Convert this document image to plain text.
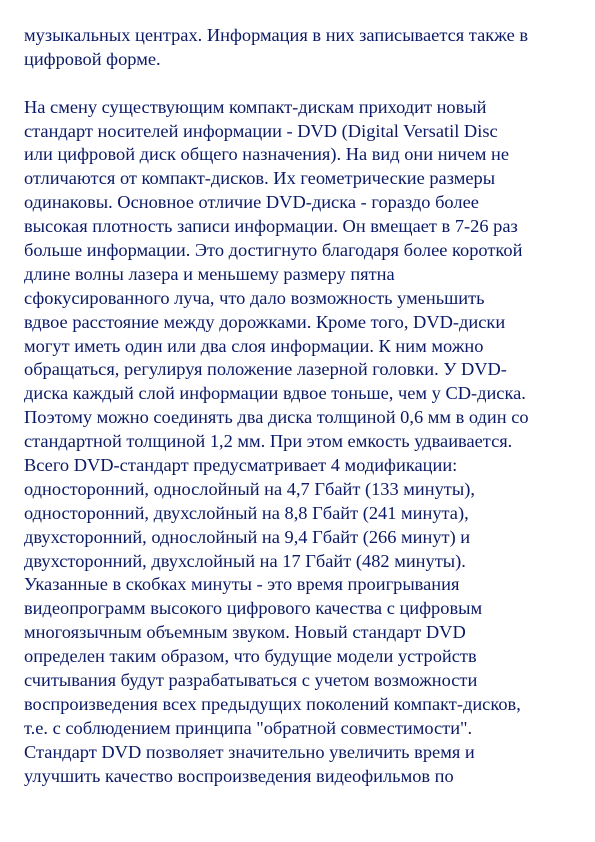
музыкальных центрах. Информация в них записывается также в
цифровой форме.
На смену существующим компакт-дискам приходит новый
стандарт носителей информации - DVD (Digital Versatil Disc
или цифровой диск общего назначения). На вид они ничем не
отличаются от компакт-дисков. Их геометрические размеры
одинаковы. Основное отличие DVD-диска - гораздо более
высокая плотность записи информации. Он вмещает в 7-26 раз
больше информации. Это достигнуто благодаря более короткой
длине волны лазера и меньшему размеру пятна
сфокусированного луча, что дало возможность уменьшить
вдвое расстояние между дорожками. Кроме того, DVD-диски
могут иметь один или два слоя информации. К ним можно
обращаться, регулируя положение лазерной головки. У DVD-
диска каждый слой информации вдвое тоньше, чем у CD-диска.
Поэтому можно соединять два диска толщиной 0,6 мм в один со
стандартной толщиной 1,2 мм. При этом емкость удваивается.
Всего DVD-стандарт предусматривает 4 модификации:
односторонний, однослойный на 4,7 Гбайт (133 минуты),
односторонний, двухслойный на 8,8 Гбайт (241 минута),
двухсторонний, однослойный на 9,4 Гбайт (266 минут) и
двухсторонний, двухслойный на 17 Гбайт (482 минуты).
Указанные в скобках минуты - это время проигрывания
видеопрограмм высокого цифрового качества с цифровым
многоязычным объемным звуком. Новый стандарт DVD
определен таким образом, что будущие модели устройств
считывания будут разрабатываться с учетом возможности
воспроизведения всех предыдущих поколений компакт-дисков,
т.е. с соблюдением принципа "обратной совместимости".
Стандарт DVD позволяет значительно увеличить время и
улучшить качество воспроизведения видеофильмов по
